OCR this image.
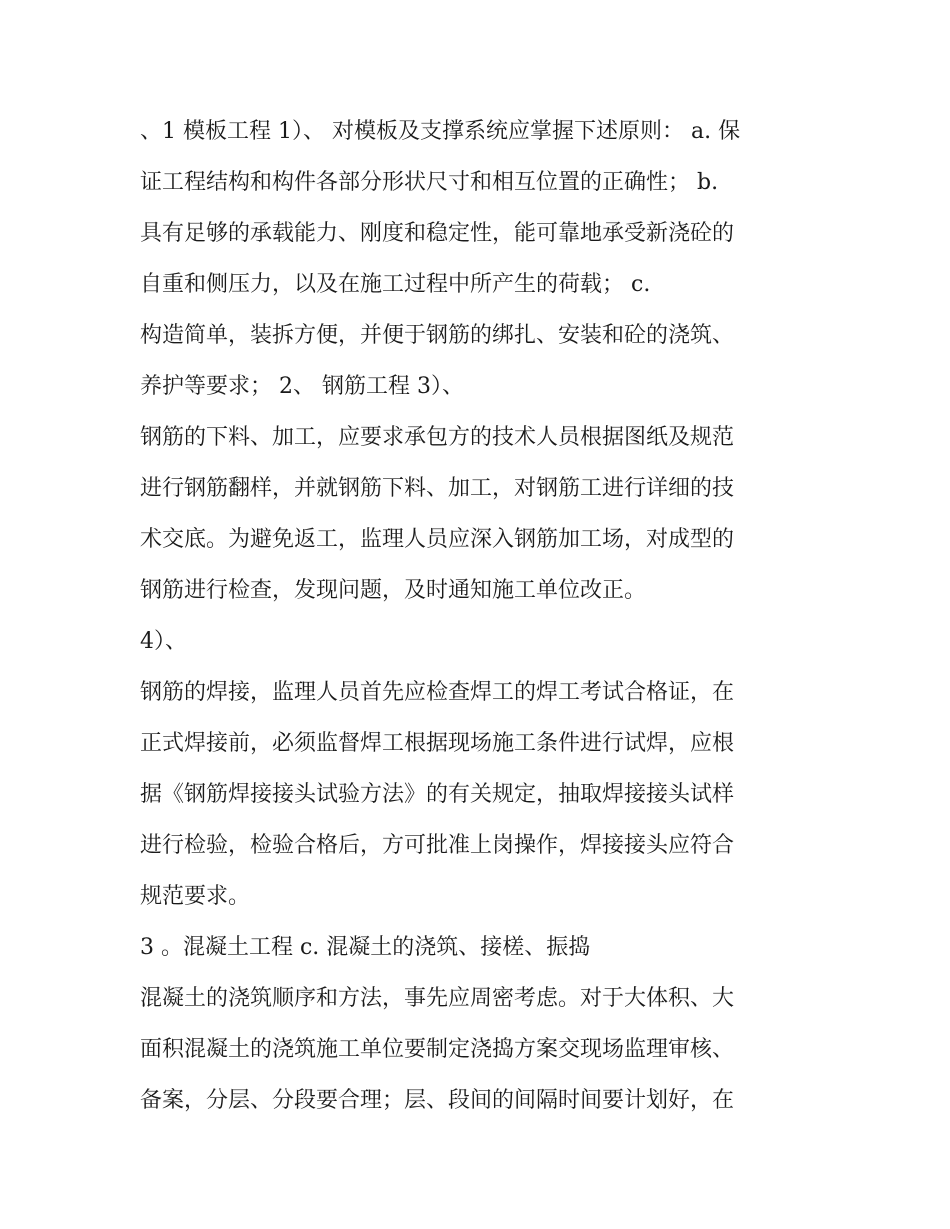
、1 模板工程 1）、 对模板及支撑系统应掌握下述原则： a. 保
证工程结构和构件各部分形状尺寸和相互位置的正确性； b.
具有足够的承载能力、刚度和稳定性，能可靠地承受新浇砼的
自重和侧压力，以及在施工过程中所产生的荷载； c.
构造简单，装拆方便，并便于钢筋的绑扎、安装和砼的浇筑、
养护等要求； 2、 钢筋工程 3）、
钢筋的下料、加工，应要求承包方的技术人员根据图纸及规范
进行钢筋翻样，并就钢筋下料、加工，对钢筋工进行详细的技
术交底。为避免返工，监理人员应深入钢筋加工场，对成型的
钢筋进行检查，发现问题，及时通知施工单位改正。
4）、
钢筋的焊接，监理人员首先应检查焊工的焊工考试合格证，在
正式焊接前，必须监督焊工根据现场施工条件进行试焊，应根
据《钢筋焊接接头试验方法》的有关规定，抽取焊接接头试样
进行检验，检验合格后，方可批准上岗操作，焊接接头应符合
规范要求。
3 。混凝土工程 c. 混凝土的浇筑、接槎、振捣
混凝土的浇筑顺序和方法，事先应周密考虑。对于大体积、大
面积混凝土的浇筑施工单位要制定浇捣方案交现场监理审核、
备案，分层、分段要合理；层、段间的间隔时间要计划好，在
